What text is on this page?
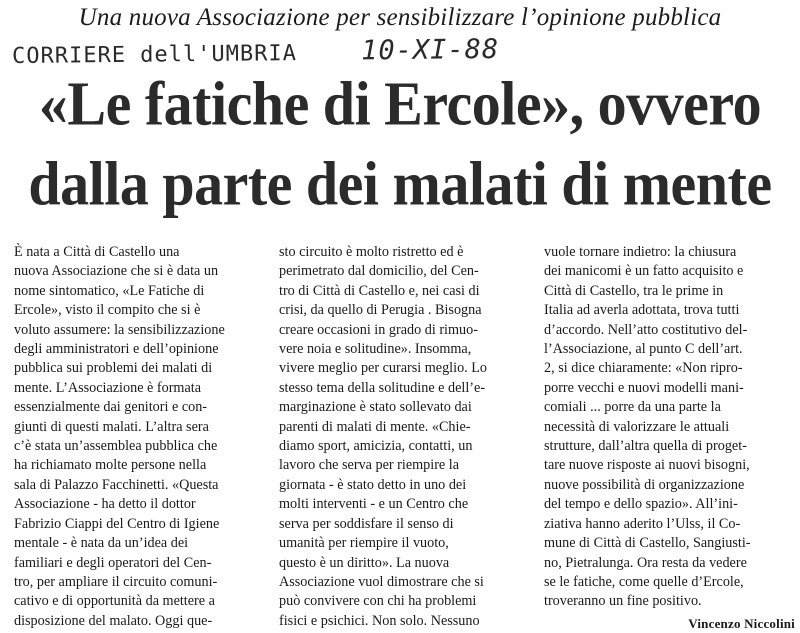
Una nuova Associazione per sensibilizzare l’opinione pubblica
CORRIERE dell'UMBRIA 10-XI-88
«Le fatiche di Ercole», ovvero
dalla parte dei malati di mente

È nata a Città di Castello una
nuova Associazione che si è data un
nome sintomatico, «Le Fatiche di
Ercole», visto il compito che si è
voluto assumere: la sensibilizzazione
degli amministratori e dell’opinione
pubblica sui problemi dei malati di
mente. L’Associazione è formata
essenzialmente dai genitori e con-
giunti di questi malati. L’altra sera
c’è stata un’assemblea pubblica che
ha richiamato molte persone nella
sala di Palazzo Facchinetti. «Questa
Associazione - ha detto il dottor
Fabrizio Ciappi del Centro di Igiene
mentale - è nata da un’idea dei
familiari e degli operatori del Cen-
tro, per ampliare il circuito comuni-
cativo e di opportunità da mettere a
disposizione del malato. Oggi que-

sto circuito è molto ristretto ed è
perimetrato dal domicilio, del Cen-
tro di Città di Castello e, nei casi di
crisi, da quello di Perugia . Bisogna
creare occasioni in grado di rimuo-
vere noia e solitudine». Insomma,
vivere meglio per curarsi meglio. Lo
stesso tema della solitudine e dell’e-
marginazione è stato sollevato dai
parenti di malati di mente. «Chie-
diamo sport, amicizia, contatti, un
lavoro che serva per riempire la
giornata - è stato detto in uno dei
molti interventi - e un Centro che
serva per soddisfare il senso di
umanità per riempire il vuoto,
questo è un diritto». La nuova
Associazione vuol dimostrare che si
può convivere con chi ha problemi
fisici e psichici. Non solo. Nessuno

vuole tornare indietro: la chiusura
dei manicomi è un fatto acquisito e
Città di Castello, tra le prime in
Italia ad averla adottata, trova tutti
d’accordo. Nell’atto costitutivo del-
l’Associazione, al punto C dell’art.
2, si dice chiaramente: «Non ripro-
porre vecchi e nuovi modelli mani-
comiali ... porre da una parte la
necessità di valorizzare le attuali
strutture, dall’altra quella di proget-
tare nuove risposte ai nuovi bisogni,
nuove possibilità di organizzazione
del tempo e dello spazio». All’ini-
ziativa hanno aderito l’Ulss, il Co-
mune di Città di Castello, Sangiusti-
no, Pietralunga. Ora resta da vedere
se le fatiche, come quelle d’Ercole,
troveranno un fine positivo.

Vincenzo Niccolini
